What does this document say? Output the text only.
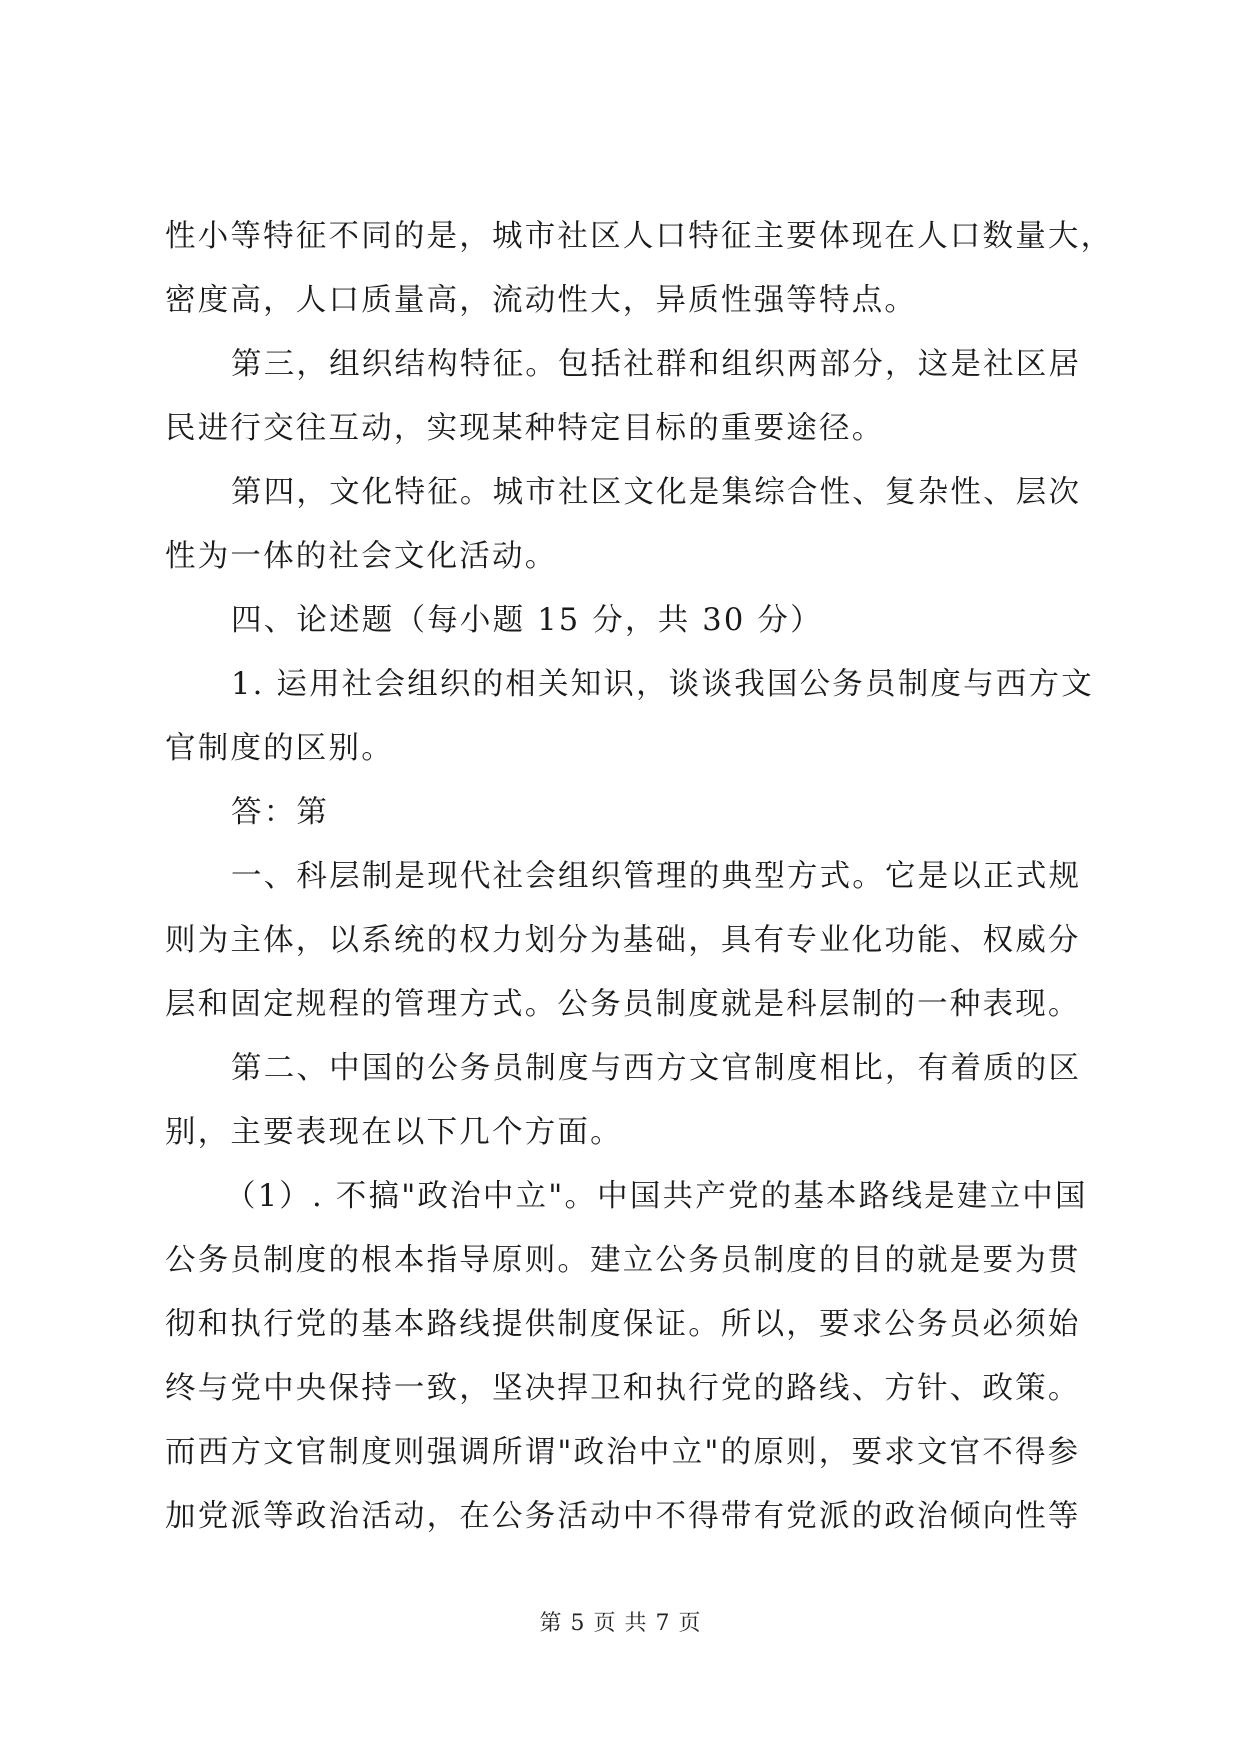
性小等特征不同的是，城市社区人口特征主要体现在人口数量大，
密度高，人口质量高，流动性大，异质性强等特点。
第三，组织结构特征。包括社群和组织两部分，这是社区居
民进行交往互动，实现某种特定目标的重要途径。
第四，文化特征。城市社区文化是集综合性、复杂性、层次
性为一体的社会文化活动。
四、论述题（每小题 15 分，共 30 分）
1. 运用社会组织的相关知识，谈谈我国公务员制度与西方文
官制度的区别。
答：第
一、科层制是现代社会组织管理的典型方式。它是以正式规
则为主体，以系统的权力划分为基础，具有专业化功能、权威分
层和固定规程的管理方式。公务员制度就是科层制的一种表现。
第二、中国的公务员制度与西方文官制度相比，有着质的区
别，主要表现在以下几个方面。
（1）. 不搞"政治中立"。中国共产党的基本路线是建立中国
公务员制度的根本指导原则。建立公务员制度的目的就是要为贯
彻和执行党的基本路线提供制度保证。所以，要求公务员必须始
终与党中央保持一致，坚决捍卫和执行党的路线、方针、政策。
而西方文官制度则强调所谓"政治中立"的原则，要求文官不得参
加党派等政治活动，在公务活动中不得带有党派的政治倾向性等
第 5 页 共 7 页
